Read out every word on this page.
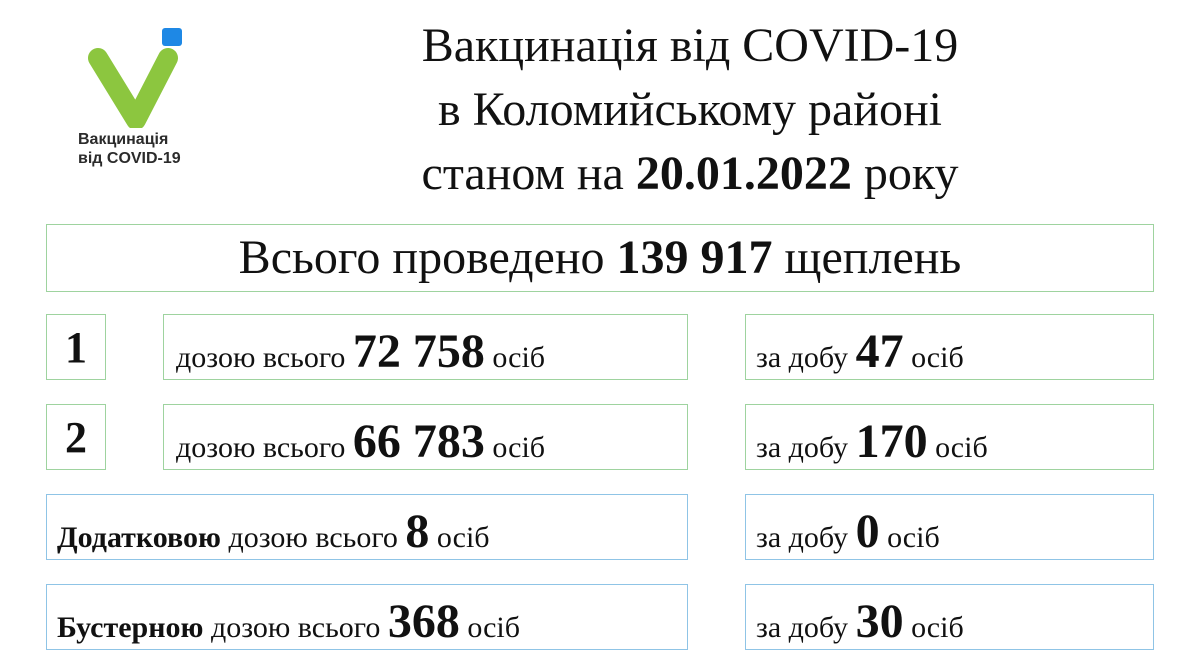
Вакцинація
від COVID-19
Вакцинація від COVID-19
в Коломийському районі
станом на 20.01.2022 року
Всього проведено 139 917 щеплень
1	дозою всього 72 758 осіб	за добу 47 осіб
2	дозою всього 66 783 осіб	за добу 170 осіб
Додатковою дозою всього 8 осіб	за добу 0 осіб
Бустерною дозою всього 368 осіб	за добу 30 осіб
